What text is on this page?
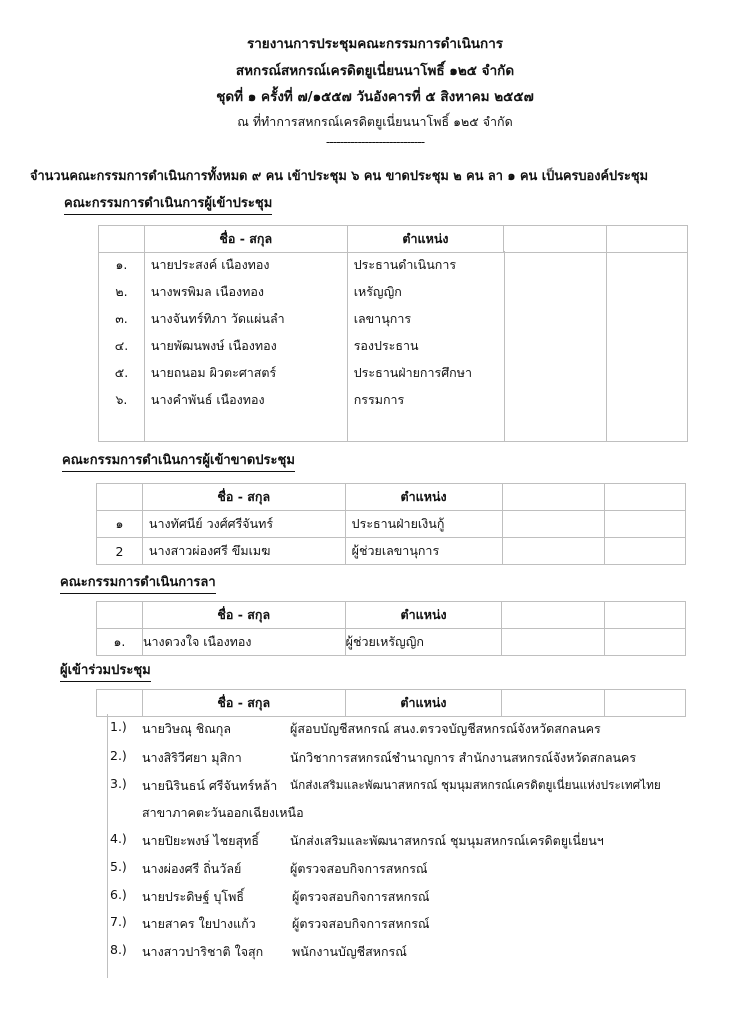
รายงานการประชุมคณะกรรมการดำเนินการ
สหกรณ์สหกรณ์เครดิตยูเนี่ยนนาโพธิ์ ๑๒๕ จำกัด
ชุดที่ ๑ ครั้งที่ ๗/๑๕๕๗ วันอังคารที่ ๕ สิงหาคม ๒๕๕๗
ณ ที่ทำการสหกรณ์เครดิตยูเนี่ยนนาโพธิ์ ๑๒๕ จำกัด
----------------------------
จำนวนคณะกรรมการดำเนินการทั้งหมด ๙ คน เข้าประชุม ๖ คน ขาดประชุม ๒ คน ลา ๑ คน เป็นครบองค์ประชุม
คณะกรรมการดำเนินการผู้เข้าประชุม
	ชื่อ - สกุล	ตำแหน่ง		
๑.	นายประสงค์ เนืองทอง	ประธานดำเนินการ		
๒.	นางพรพิมล เนืองทอง	เหรัญญิก		
๓.	นางจันทร์ทิภา วัดแผ่นลำ	เลขานุการ		
๔.	นายพัฒนพงษ์ เนืองทอง	รองประธาน		
๕.	นายถนอม ผิวตะศาสตร์	ประธานฝ่ายการศึกษา		
๖.	นางคำพันธ์ เนืองทอง	กรรมการ		

คณะกรรมการดำเนินการผู้เข้าขาดประชุม
	ชื่อ - สกุล	ตำแหน่ง		
๑	นางทัศนีย์ วงศ์ศรีจันทร์	ประธานฝ่ายเงินกู้		
2	นางสาวผ่องศรี ขึมเมฆ	ผู้ช่วยเลขานุการ		
คณะกรรมการดำเนินการลา
	ชื่อ - สกุล	ตำแหน่ง		
๑.	นางดวงใจ เนืองทอง	ผู้ช่วยเหรัญญิก		
ผู้เข้าร่วมประชุม
	ชื่อ - สกุล	ตำแหน่ง		
1.) นายวิษณุ ชิณกุล	ผู้สอบบัญชีสหกรณ์ สนง.ตรวจบัญชีสหกรณ์จังหวัดสกลนคร
2.) นางสิริวีศยา มุสิกา	นักวิชาการสหกรณ์ชำนาญการ สำนักงานสหกรณ์จังหวัดสกลนคร
3.) นายนิรินธน์ ศรีจันทร์หล้า นักส่งเสริมและพัฒนาสหกรณ์ ชุมนุมสหกรณ์เครดิตยูเนี่ยนแห่งประเทศไทย
สาขาภาคตะวันออกเฉียงเหนือ
4.) นายปิยะพงษ์ ไชยสุทธิ์ นักส่งเสริมและพัฒนาสหกรณ์ ชุมนุมสหกรณ์เครดิตยูเนี่ยนฯ
5.) นางผ่องศรี ถิ่นวัลย์	ผู้ตรวจสอบกิจการสหกรณ์
6.) นายประดิษฐ์ บุโพธิ์	ผู้ตรวจสอบกิจการสหกรณ์
7.) นายสาคร ใยปางแก้ว	ผู้ตรวจสอบกิจการสหกรณ์
8.) นางสาวปาริชาติ ใจสุก พนักงานบัญชีสหกรณ์
